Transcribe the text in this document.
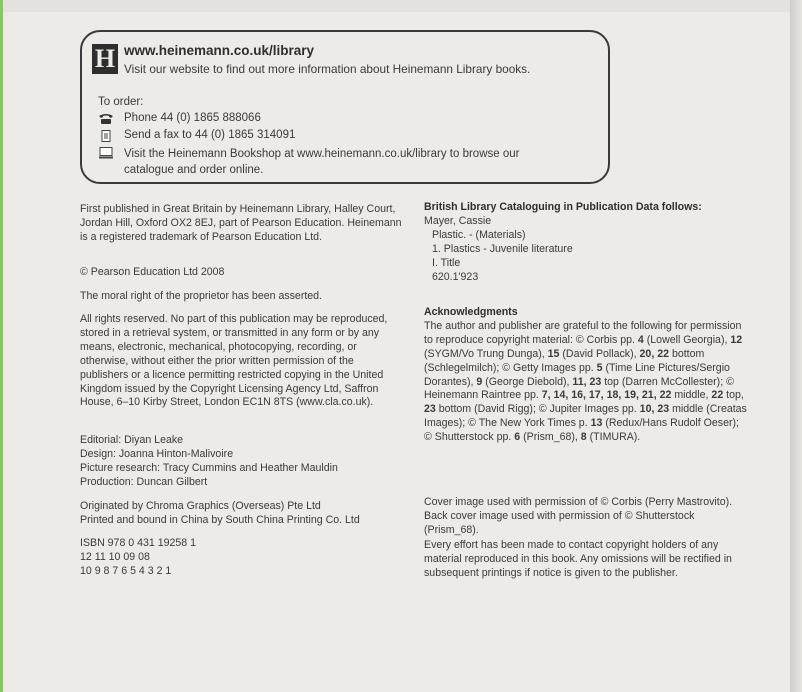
H www.heinemann.co.uk/library
Visit our website to find out more information about Heinemann Library books.
To order:
Phone 44 (0) 1865 888066
Send a fax to 44 (0) 1865 314091
Visit the Heinemann Bookshop at www.heinemann.co.uk/library to browse our
catalogue and order online.

First published in Great Britain by Heinemann Library, Halley Court, Jordan Hill, Oxford OX2 8EJ, part of Pearson Education. Heinemann is a registered trademark of Pearson Education Ltd.

© Pearson Education Ltd 2008

The moral right of the proprietor has been asserted.

All rights reserved. No part of this publication may be reproduced, stored in a retrieval system, or transmitted in any form or by any means, electronic, mechanical, photocopying, recording, or otherwise, without either the prior written permission of the publishers or a licence permitting restricted copying in the United Kingdom issued by the Copyright Licensing Agency Ltd, Saffron House, 6–10 Kirby Street, London EC1N 8TS (www.cla.co.uk).

Editorial: Diyan Leake
Design: Joanna Hinton-Malivoire
Picture research: Tracy Cummins and Heather Mauldin
Production: Duncan Gilbert

Originated by Chroma Graphics (Overseas) Pte Ltd
Printed and bound in China by South China Printing Co. Ltd

ISBN 978 0 431 19258 1
12 11 10 09 08
10 9 8 7 6 5 4 3 2 1

British Library Cataloguing in Publication Data follows:
Mayer, Cassie
Plastic. - (Materials)
1. Plastics - Juvenile literature
I. Title
620.1'923

Acknowledgments
The author and publisher are grateful to the following for permission to reproduce copyright material: © Corbis pp. 4 (Lowell Georgia), 12 (SYGM/Vo Trung Dunga), 15 (David Pollack), 20, 22 bottom (Schlegelmilch); © Getty Images pp. 5 (Time Line Pictures/Sergio Dorantes), 9 (George Diebold), 11, 23 top (Darren McCollester); © Heinemann Raintree pp. 7, 14, 16, 17, 18, 19, 21, 22 middle, 22 top, 23 bottom (David Rigg); © Jupiter Images pp. 10, 23 middle (Creatas Images); © The New York Times p. 13 (Redux/Hans Rudolf Oeser); © Shutterstock pp. 6 (Prism_68), 8 (TIMURA).

Cover image used with permission of © Corbis (Perry Mastrovito). Back cover image used with permission of © Shutterstock (Prism_68).

Every effort has been made to contact copyright holders of any material reproduced in this book. Any omissions will be rectified in subsequent printings if notice is given to the publisher.
